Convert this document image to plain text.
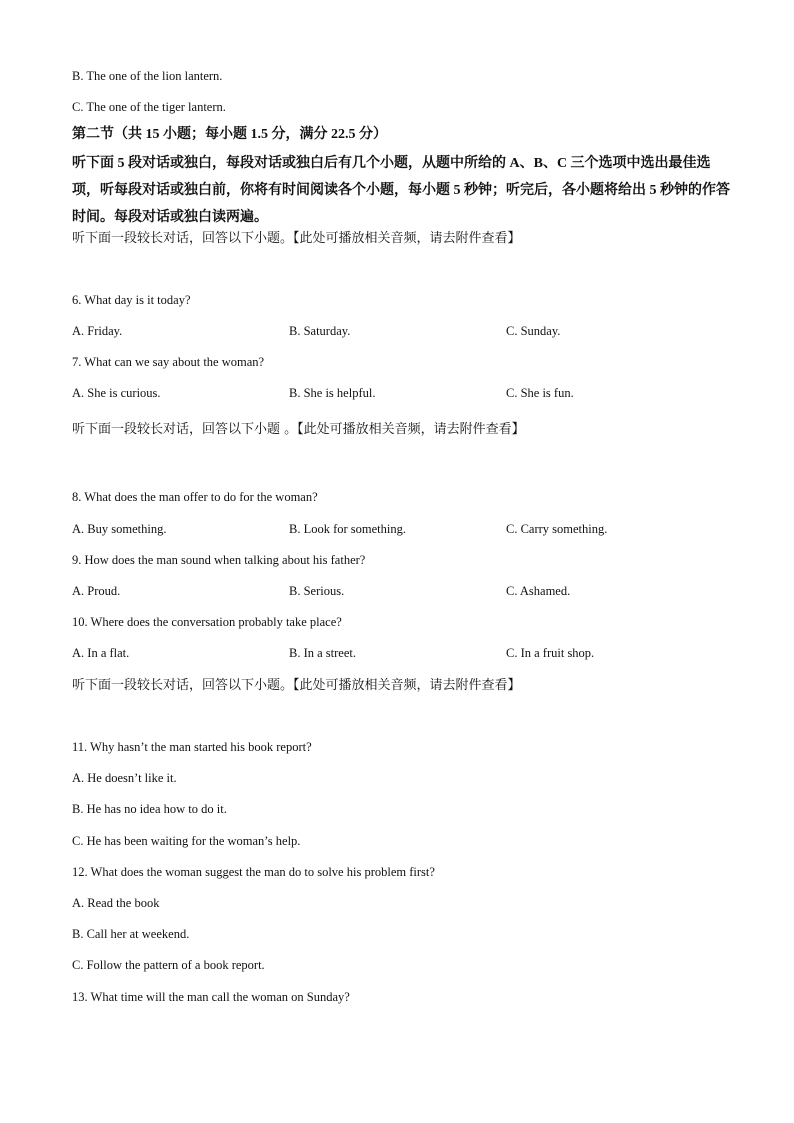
B. The one of the lion lantern.
C. The one of the tiger lantern.
第二节（共 15 小题；每小题 1.5 分，满分 22.5 分）
听下面 5 段对话或独白，每段对话或独白后有几个小题，从题中所给的 A、B、C 三个选项中选出最佳选项，听每段对话或独白前，你将有时间阅读各个小题，每小题 5 秒钟；听完后，各小题将给出 5 秒钟的作答时间。每段对话或独白读两遍。
听下面一段较长对话，回答以下小题。【此处可播放相关音频，请去附件查看】
6. What day is it today?
A. Friday.	B. Saturday.	C. Sunday.
7. What can we say about the woman?
A. She is curious.	B. She is helpful.	C. She is fun.
听下面一段较长对话，回答以下小题 。【此处可播放相关音频，请去附件查看】
8. What does the man offer to do for the woman?
A. Buy something.	B. Look for something.	C. Carry something.
9. How does the man sound when talking about his father?
A. Proud.	B. Serious.	C. Ashamed.
10. Where does the conversation probably take place?
A. In a flat.	B. In a street.	C. In a fruit shop.
听下面一段较长对话，回答以下小题。【此处可播放相关音频，请去附件查看】
11. Why hasn’t the man started his book report?
A. He doesn’t like it.
B. He has no idea how to do it.
C. He has been waiting for the woman’s help.
12. What does the woman suggest the man do to solve his problem first?
A. Read the book
B. Call her at weekend.
C. Follow the pattern of a book report.
13. What time will the man call the woman on Sunday?
